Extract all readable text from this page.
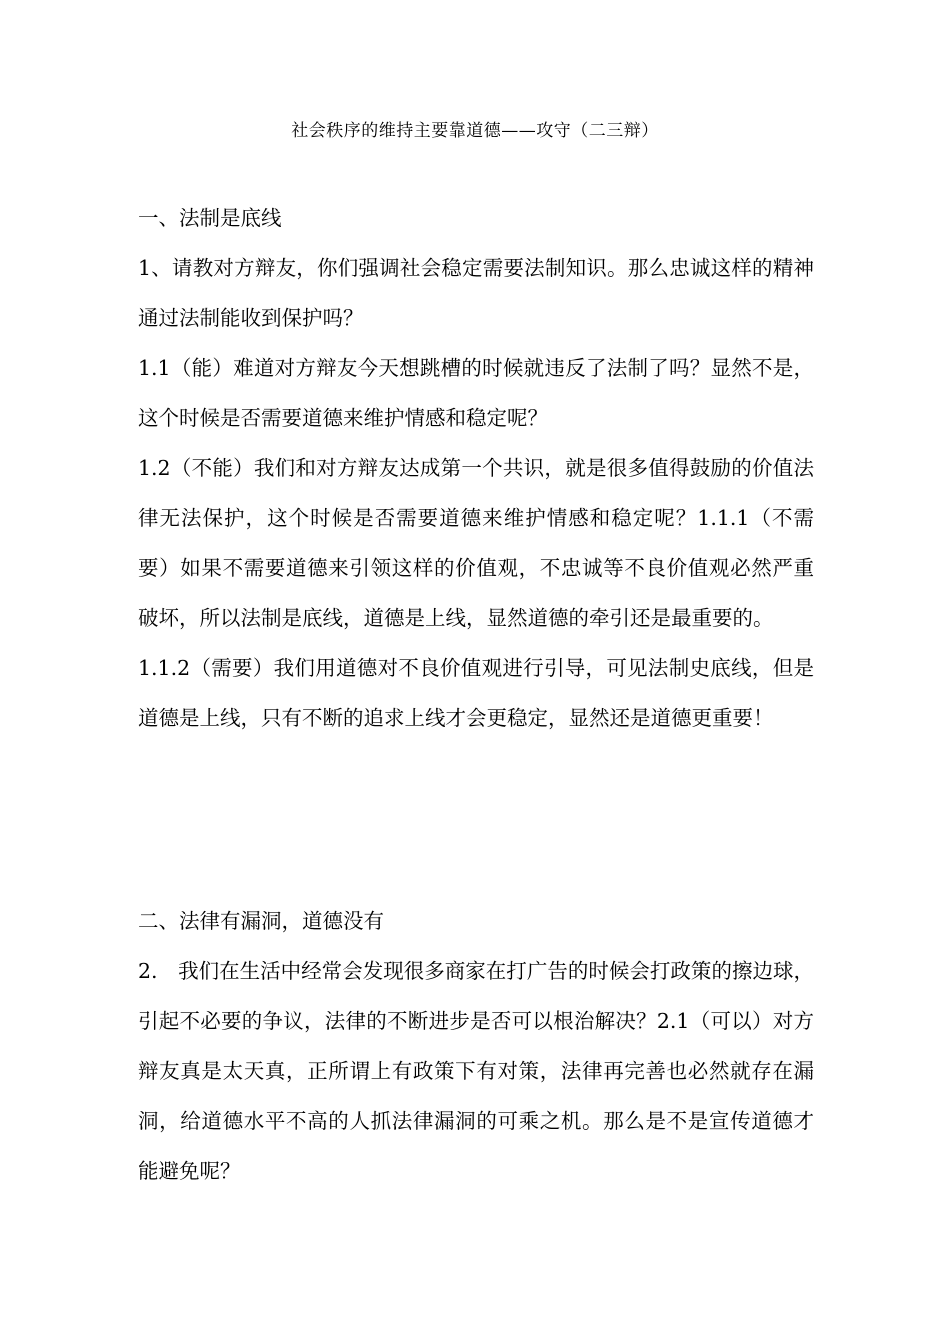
社会秩序的维持主要靠道德——攻守（二三辩）

一、法制是底线

1、请教对方辩友，你们强调社会稳定需要法制知识。那么忠诚这样的精神通过法制能收到保护吗？

1.1（能）难道对方辩友今天想跳槽的时候就违反了法制了吗？显然不是，这个时候是否需要道德来维护情感和稳定呢？

1.2（不能）我们和对方辩友达成第一个共识，就是很多值得鼓励的价值法律无法保护，这个时候是否需要道德来维护情感和稳定呢？1.1.1（不需要）如果不需要道德来引领这样的价值观，不忠诚等不良价值观必然严重破坏，所以法制是底线，道德是上线，显然道德的牵引还是最重要的。

1.1.2（需要）我们用道德对不良价值观进行引导，可见法制史底线，但是道德是上线，只有不断的追求上线才会更稳定，显然还是道德更重要！

二、法律有漏洞，道德没有

2.　我们在生活中经常会发现很多商家在打广告的时候会打政策的擦边球，引起不必要的争议，法律的不断进步是否可以根治解决？2.1（可以）对方辩友真是太天真，正所谓上有政策下有对策，法律再完善也必然就存在漏洞，给道德水平不高的人抓法律漏洞的可乘之机。那么是不是宣传道德才能避免呢？
